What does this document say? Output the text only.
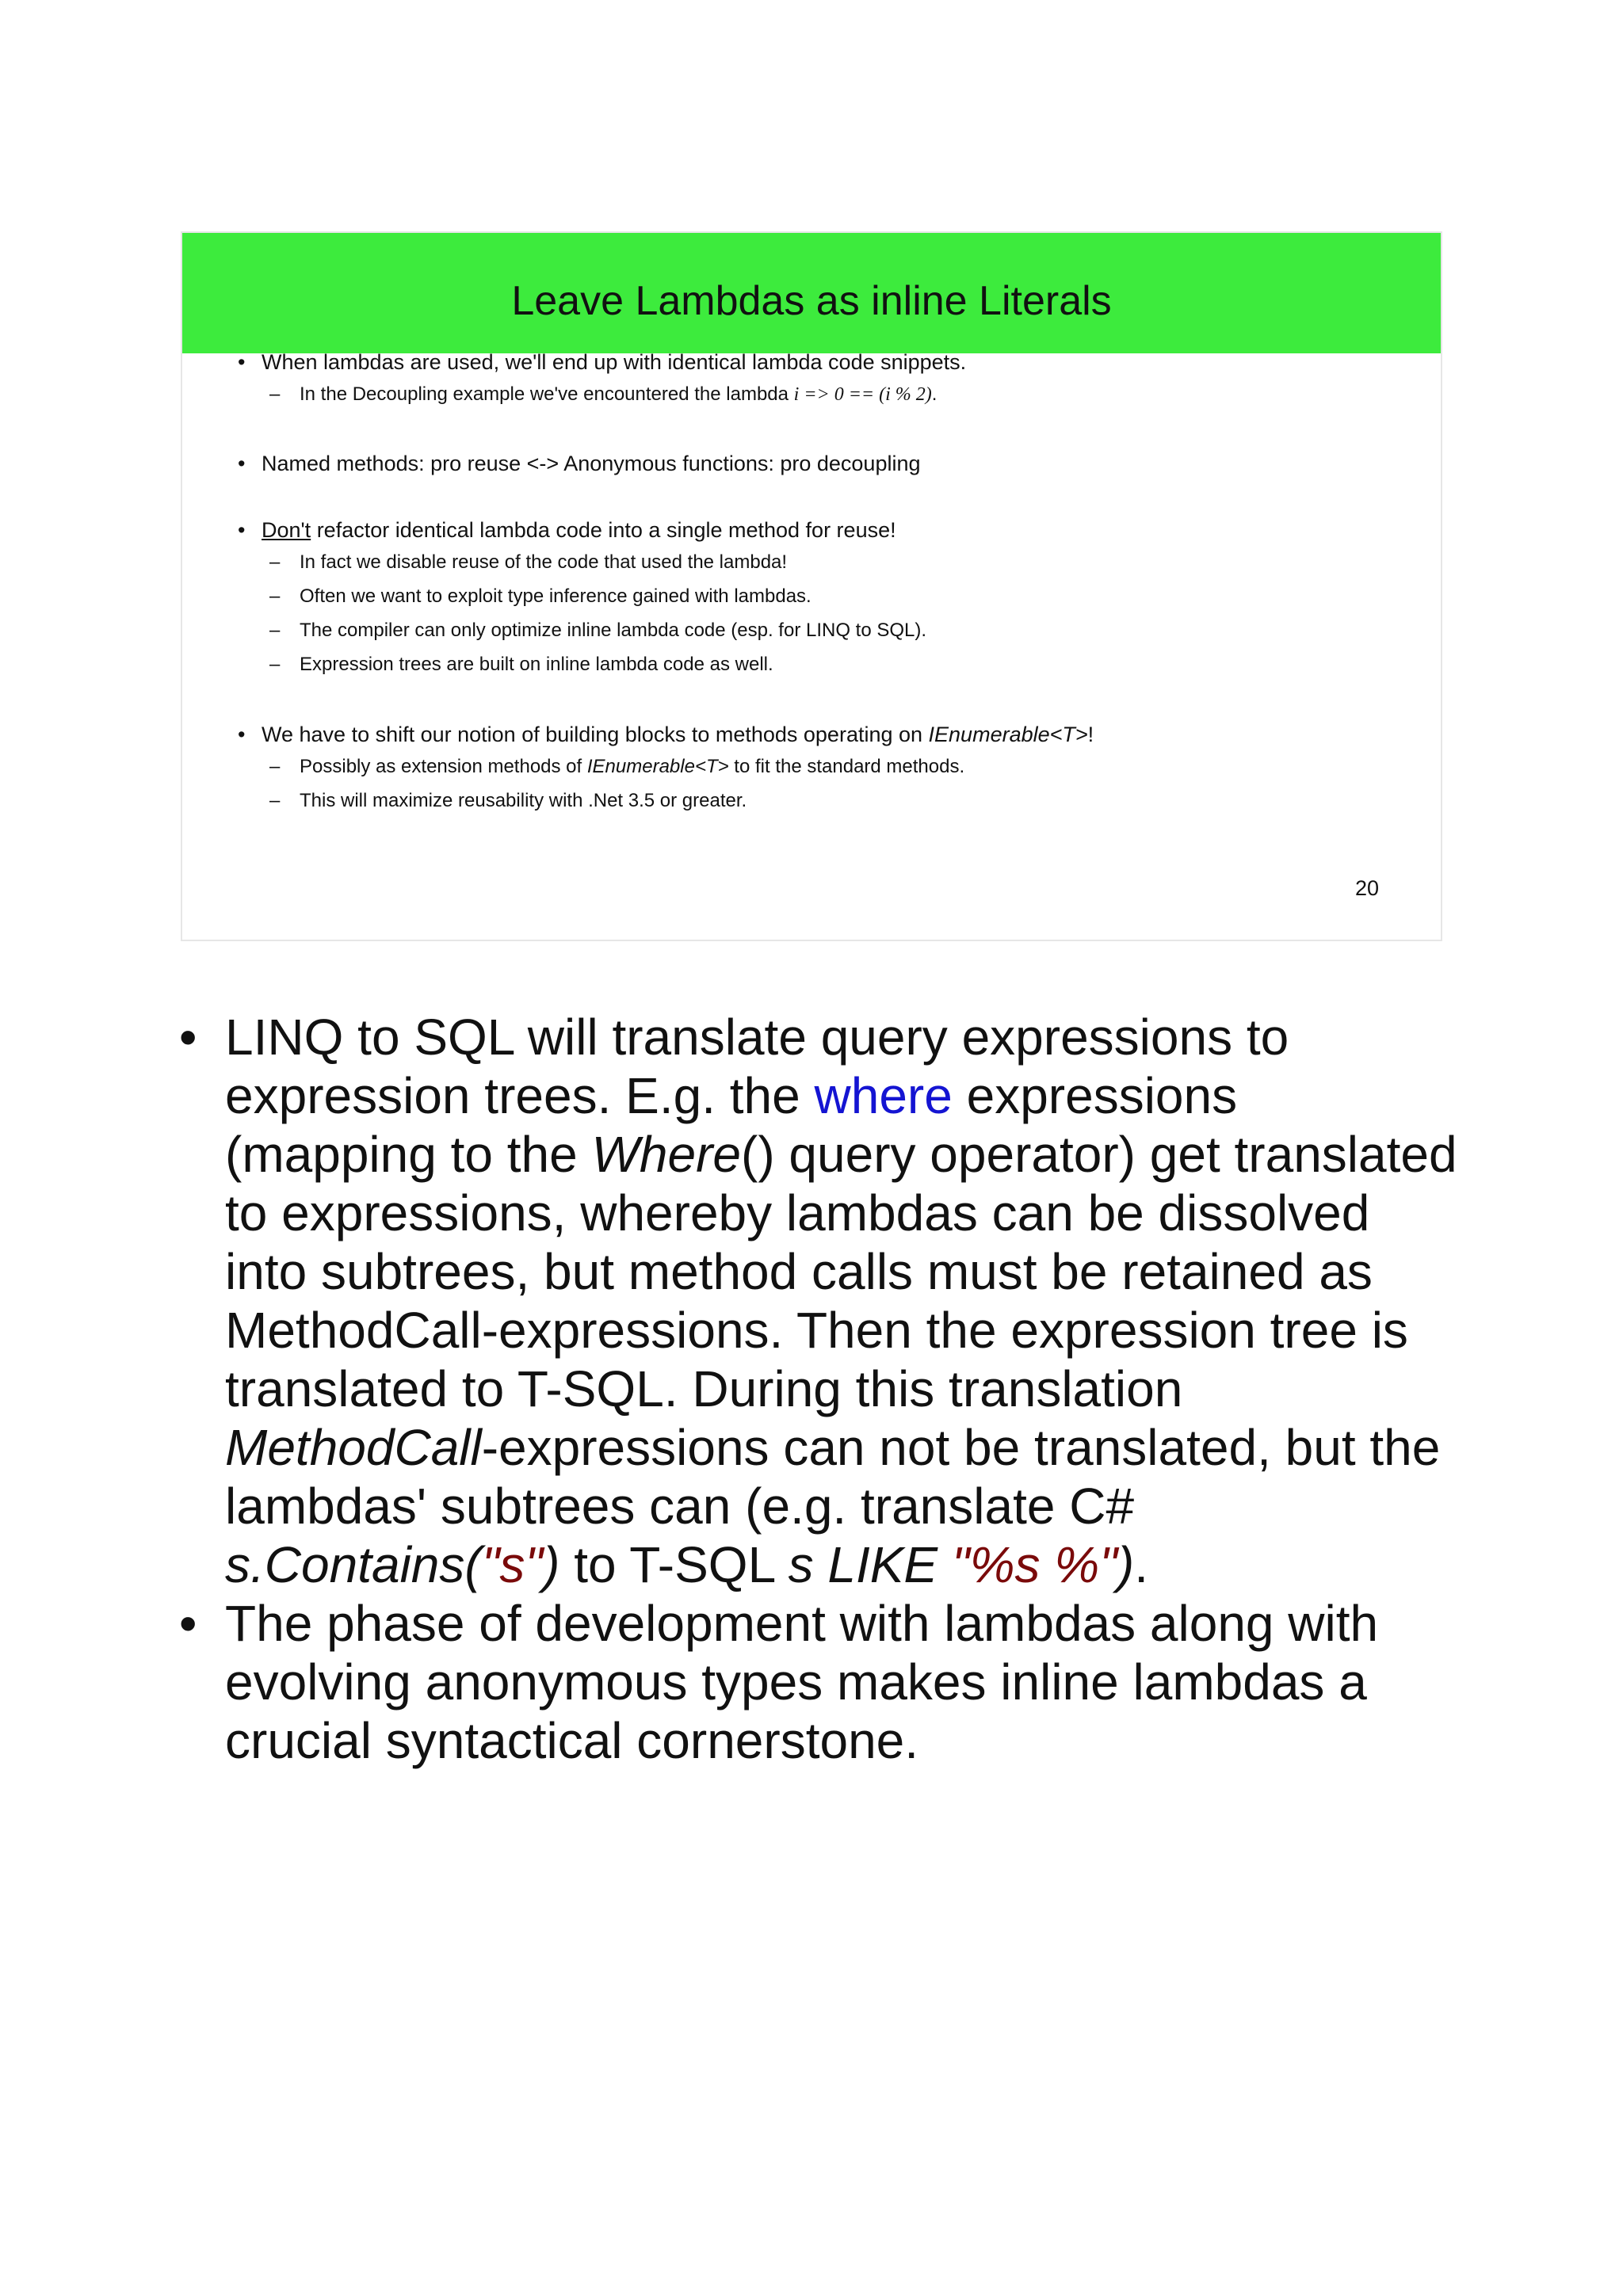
Leave Lambdas as inline Literals
• When lambdas are used, we'll end up with identical lambda code snippets.
– In the Decoupling example we've encountered the lambda i => 0 == (i % 2).
• Named methods: pro reuse <-> Anonymous functions: pro decoupling
• Don't refactor identical lambda code into a single method for reuse!
– In fact we disable reuse of the code that used the lambda!
– Often we want to exploit type inference gained with lambdas.
– The compiler can only optimize inline lambda code (esp. for LINQ to SQL).
– Expression trees are built on inline lambda code as well.
• We have to shift our notion of building blocks to methods operating on IEnumerable<T>!
– Possibly as extension methods of IEnumerable<T> to fit the standard methods.
– This will maximize reusability with .Net 3.5 or greater.
20
• LINQ to SQL will translate query expressions to expression trees. E.g. the where expressions (mapping to the Where() query operator) get translated to expressions, whereby lambdas can be dissolved into subtrees, but method calls must be retained as MethodCall-expressions. Then the expression tree is translated to T-SQL. During this translation MethodCall-expressions can not be translated, but the lambdas' subtrees can (e.g. translate C# s.Contains("s") to T-SQL s LIKE "%s %").
• The phase of development with lambdas along with evolving anonymous types makes inline lambdas a crucial syntactical cornerstone.
